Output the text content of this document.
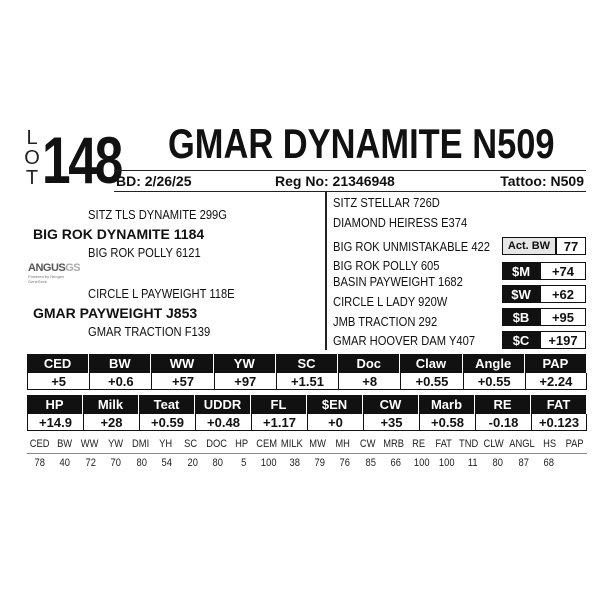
L
O
T 148 GMAR DYNAMITE N509
BD: 2/26/25	Reg No: 21346948	Tattoo: N509
SITZ TLS DYNAMITE 299G
BIG ROK DYNAMITE 1184
BIG ROK POLLY 6121
ANGUSGS
Powered by Neogen GeneSeek
CIRCLE L PAYWEIGHT 118E
GMAR PAYWEIGHT J853
GMAR TRACTION F139
SITZ STELLAR 726D
DIAMOND HEIRESS E374
BIG ROK UNMISTAKABLE 422
BIG ROK POLLY 605
BASIN PAYWEIGHT 1682
CIRCLE L LADY 920W
JMB TRACTION 292
GMAR HOOVER DAM Y407
Act. BW	77
$M	+74
$W	+62
$B	+95
$C	+197
CED	BW	WW	YW	SC	Doc	Claw	Angle	PAP
+5	+0.6	+57	+97	+1.51	+8	+0.55	+0.55	+2.24
HP	Milk	Teat	UDDR	FL	$EN	CW	Marb	RE	FAT
+14.9	+28	+0.59	+0.48	+1.17	+0	+35	+0.58	-0.18	+0.123
CED BW WW YW DMI YH	SC DOC HP CEM MILK MW MH CW MRB RE FAT TND CLW ANGL HS PAP
78	40	72	70	80	54	20	80	5	100	38	79	76	85	66	100 100	11	80	87	68
